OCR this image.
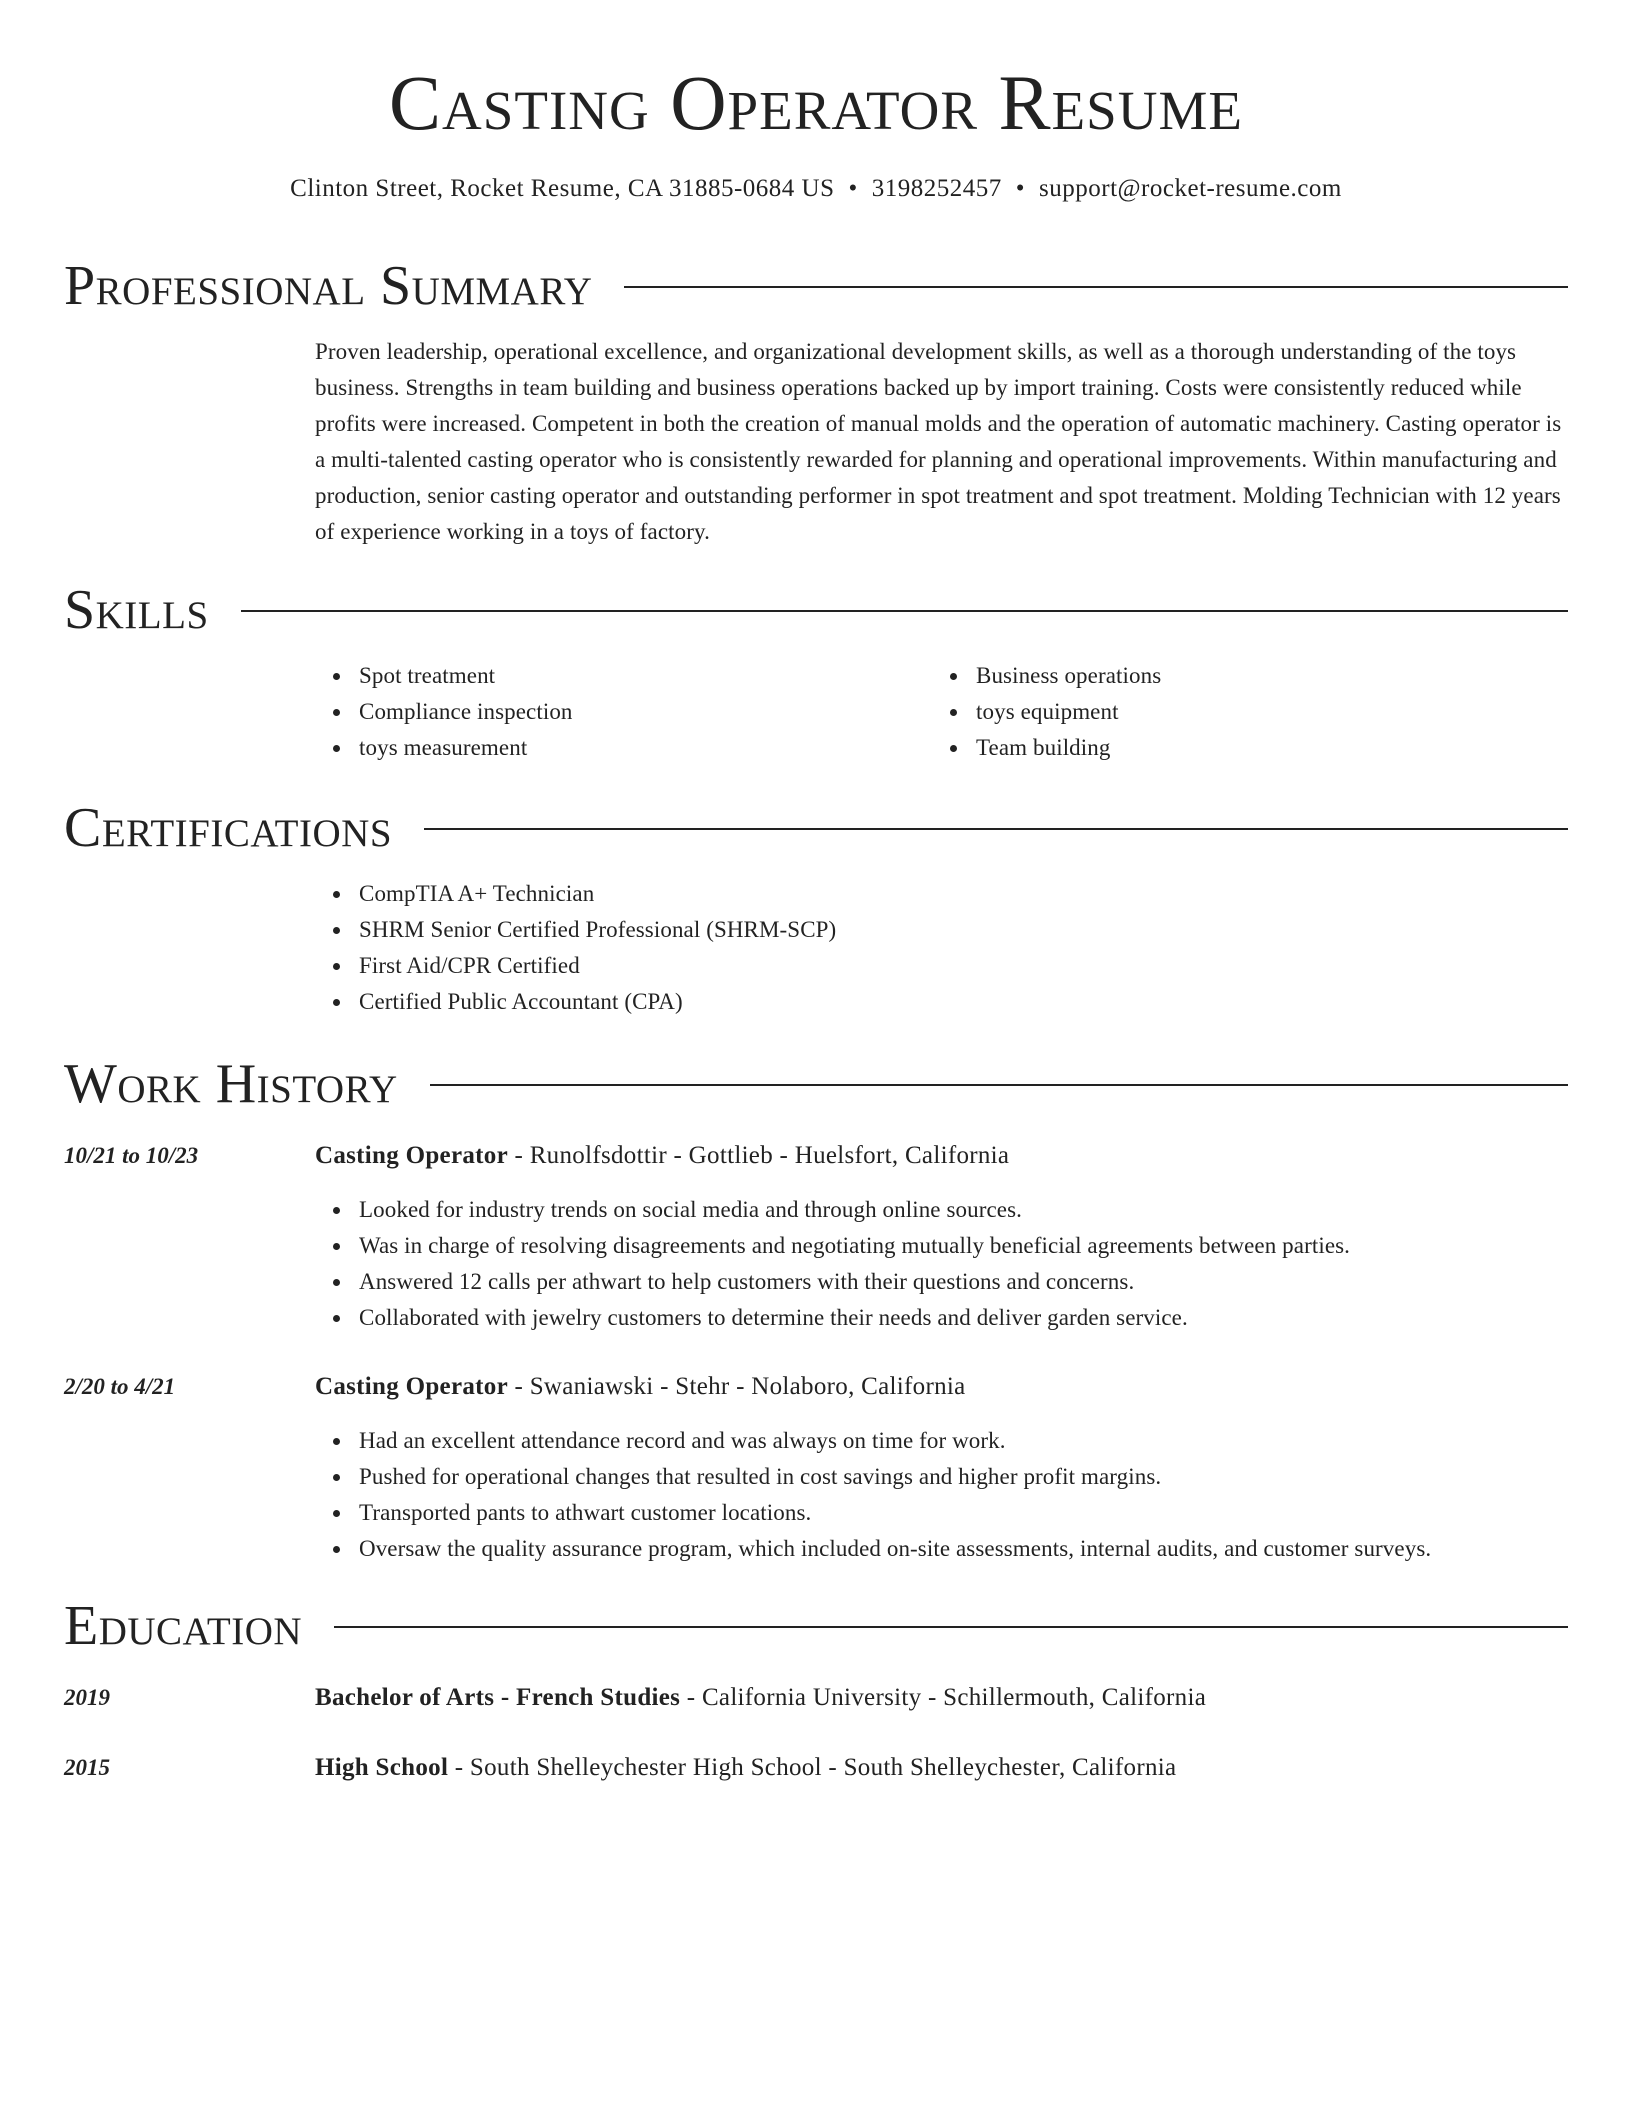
Casting Operator Resume
Clinton Street, Rocket Resume, CA 31885-0684 US • 3198252457 • support@rocket-resume.com
Professional Summary
Proven leadership, operational excellence, and organizational development skills, as well as a thorough understanding of the toys business. Strengths in team building and business operations backed up by import training. Costs were consistently reduced while profits were increased. Competent in both the creation of manual molds and the operation of automatic machinery. Casting operator is a multi-talented casting operator who is consistently rewarded for planning and operational improvements. Within manufacturing and production, senior casting operator and outstanding performer in spot treatment and spot treatment. Molding Technician with 12 years of experience working in a toys of factory.
Skills
Spot treatment
Compliance inspection
toys measurement
Business operations
toys equipment
Team building
Certifications
CompTIA A+ Technician
SHRM Senior Certified Professional (SHRM-SCP)
First Aid/CPR Certified
Certified Public Accountant (CPA)
Work History
10/21 to 10/23	Casting Operator - Runolfsdottir - Gottlieb - Huelsfort, California
Looked for industry trends on social media and through online sources.
Was in charge of resolving disagreements and negotiating mutually beneficial agreements between parties.
Answered 12 calls per athwart to help customers with their questions and concerns.
Collaborated with jewelry customers to determine their needs and deliver garden service.
2/20 to 4/21	Casting Operator - Swaniawski - Stehr - Nolaboro, California
Had an excellent attendance record and was always on time for work.
Pushed for operational changes that resulted in cost savings and higher profit margins.
Transported pants to athwart customer locations.
Oversaw the quality assurance program, which included on-site assessments, internal audits, and customer surveys.
Education
2019	Bachelor of Arts - French Studies - California University - Schillermouth, California
2015	High School - South Shelleychester High School - South Shelleychester, California
